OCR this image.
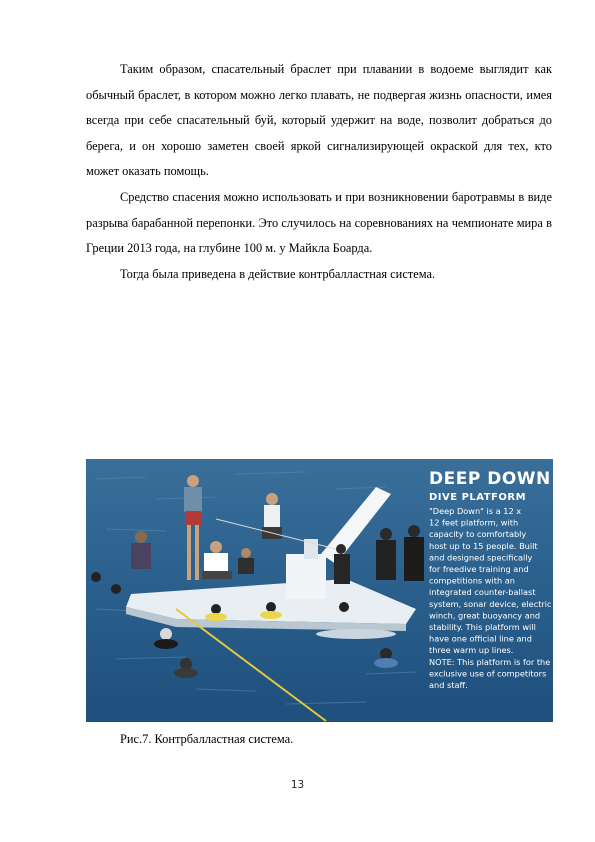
Таким образом, спасательный браслет при плавании в водоеме выглядит как обычный браслет, в котором можно легко плавать, не подвергая жизнь опасности, имея всегда при себе спасательный буй, который удержит на воде, позволит добраться до берега, и он хорошо заметен своей яркой сигнализирующей окраской для тех, кто может оказать помощь.

Средство спасения можно использовать и при возникновении баротравмы в виде разрыва барабанной перепонки. Это случилось на соревнованиях на чемпионате мира в Греции 2013 года, на глубине 100 м. у Майкла Боарда.

Тогда была приведена в действие контрбалластная система.

DEEP DOWN
DIVE PLATFORM
"Deep Down" is a 12 x
12 feet platform, with
capacity to comfortably
host up to 15 people. Built
and designed specifically
for freedive training and
competitions with an
integrated counter-ballast
system, sonar device, electric
winch, great buoyancy and
stability. This platform will
have one official line and
three warm up lines.
NOTE: This platform is for the
exclusive use of competitors
and staff.
Рис.7. Контрбалластная система.
13
